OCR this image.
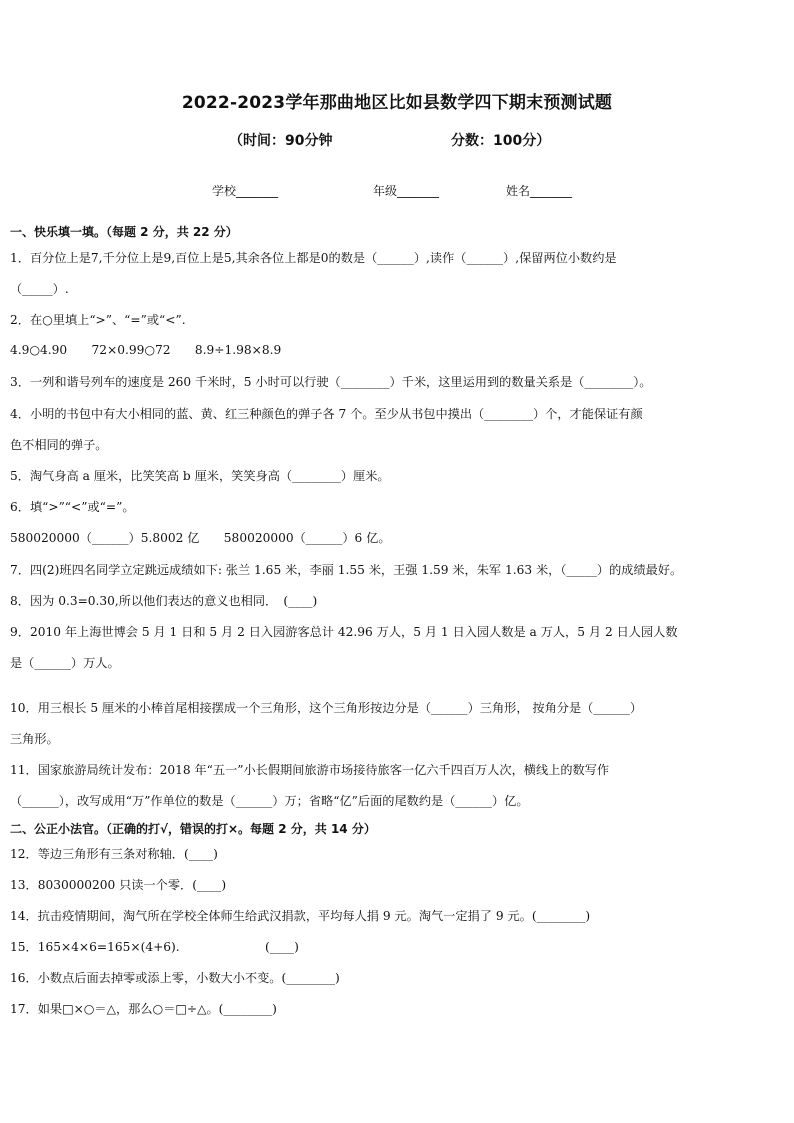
2022-2023学年那曲地区比如县数学四下期末预测试题
（时间：90分钟	分数：100分）
学校_______	年级_______	姓名_______
一、快乐填一填。（每题 2 分，共 22 分）
1．百分位上是7,千分位上是9,百位上是5,其余各位上都是0的数是（______）,读作（______）,保留两位小数约是
（_____）.
2．在○里填上“>”、“=”或“<”.
4.9○4.90　　72×0.99○72　　8.9÷1.98×8.9
3．一列和谐号列车的速度是 260 千米时，5 小时可以行驶（________）千米，这里运用到的数量关系是（________）。
4．小明的书包中有大小相同的蓝、黄、红三种颜色的弹子各 7 个。至少从书包中摸出（________）个，才能保证有颜
色不相同的弹子。
5．淘气身高 a 厘米，比笑笑高 b 厘米，笑笑身高（________）厘米。
6．填“>”“<”或“=”。
580020000（______）5.8002 亿　　580020000（______）6 亿。
7．四(2)班四名同学立定跳远成绩如下: 张兰 1.65 米，李丽 1.55 米，王强 1.59 米，朱军 1.63 米，（_____）的成绩最好。
8．因为 0.3=0.30,所以他们表达的意义也相同．　(____)
9．2010 年上海世博会 5 月 1 日和 5 月 2 日入园游客总计 42.96 万人，5 月 1 日入园人数是 a 万人，5 月 2 日人园人数
是（______）万人。
10．用三根长 5 厘米的小棒首尾相接摆成一个三角形，这个三角形按边分是（______）三角形， 按角分是（______）
三角形。
11．国家旅游局统计发布：2018 年“五一”小长假期间旅游市场接待旅客一亿六千四百万人次，横线上的数写作
（______），改写成用“万”作单位的数是（______）万；省略“亿”后面的尾数约是（______）亿。
二、公正小法官。（正确的打√，错误的打×。每题 2 分，共 14 分）
12．等边三角形有三条对称轴．(____)
13．8030000200 只读一个零．(____)
14．抗击疫情期间，淘气所在学校全体师生给武汉捐款，平均每人捐 9 元。淘气一定捐了 9 元。(________)
15．165×4×6=165×(4+6).　　　　　　　(____)
16．小数点后面去掉零或添上零，小数大小不变。(________)
17．如果□×○＝△，那么○＝□÷△。(________)
